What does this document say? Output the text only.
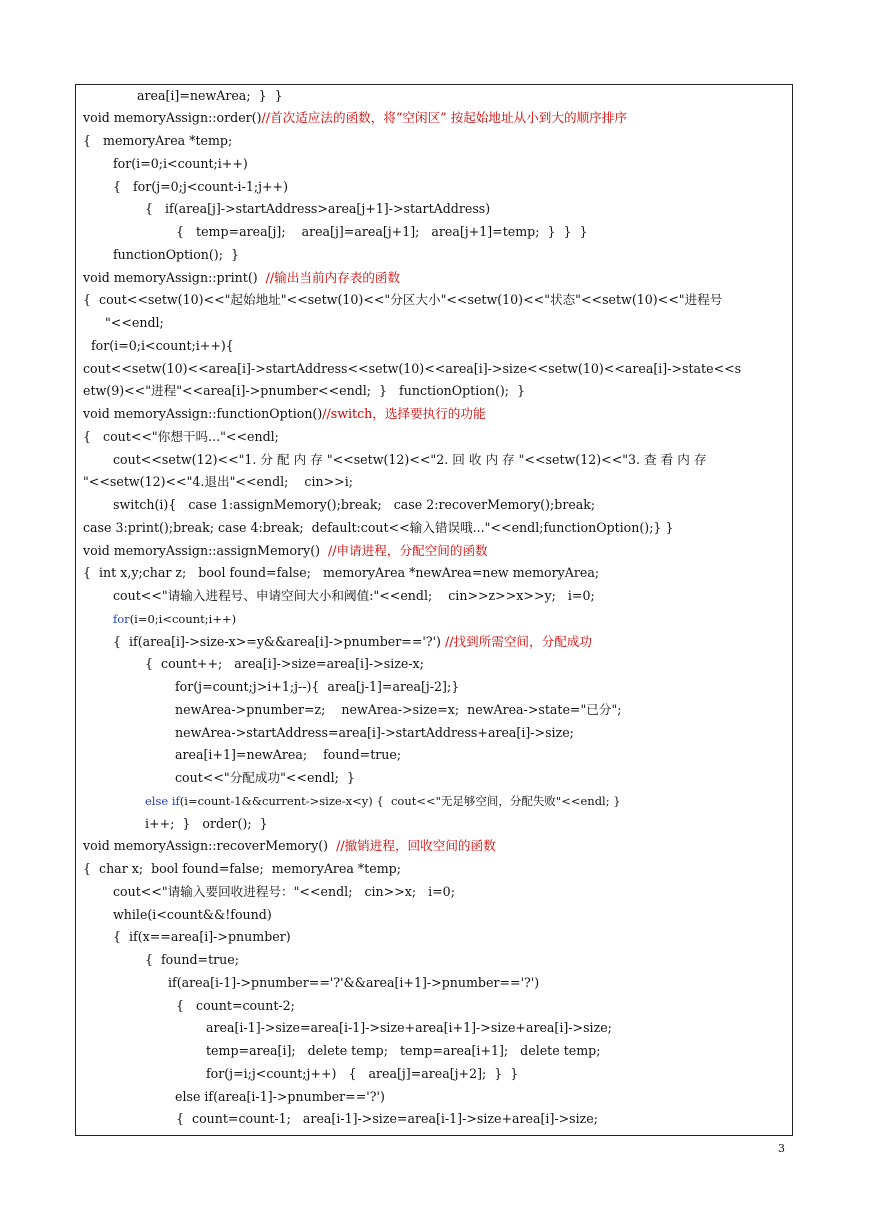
area[i]=newArea;  }  }
void memoryAssign::order()//首次适应法的函数，将“空闲区” 按起始地址从小到大的顺序排序
{   memoryArea *temp;
for(i=0;i<count;i++)
{   for(j=0;j<count-i-1;j++)
{   if(area[j]->startAddress>area[j+1]->startAddress)
{   temp=area[j];    area[j]=area[j+1];   area[j+1]=temp;  }  }  }
functionOption();  }
void memoryAssign::print()  //输出当前内存表的函数
{  cout<<setw(10)<<"起始地址"<<setw(10)<<"分区大小"<<setw(10)<<"状态"<<setw(10)<<"进程号
"<<endl;
for(i=0;i<count;i++){
cout<<setw(10)<<area[i]->startAddress<<setw(10)<<area[i]->size<<setw(10)<<area[i]->state<<s
etw(9)<<"进程"<<area[i]->pnumber<<endl;  }   functionOption();  }
void memoryAssign::functionOption()//switch，选择要执行的功能
{   cout<<"你想干吗..."<<endl;
cout<<setw(12)<<"1. 分 配 内 存 "<<setw(12)<<"2. 回 收 内 存 "<<setw(12)<<"3. 查 看 内 存
"<<setw(12)<<"4.退出"<<endl;    cin>>i;
switch(i){   case 1:assignMemory();break;   case 2:recoverMemory();break;
case 3:print();break; case 4:break;  default:cout<<输入错误哦..."<<endl;functionOption();} }
void memoryAssign::assignMemory()  //申请进程，分配空间的函数
{  int x,y;char z;   bool found=false;   memoryArea *newArea=new memoryArea;
cout<<"请输入进程号、申请空间大小和阈值:"<<endl;    cin>>z>>x>>y;   i=0;
for(i=0;i<count;i++)
{  if(area[i]->size-x>=y&&area[i]->pnumber=='?') //找到所需空间，分配成功
{  count++;   area[i]->size=area[i]->size-x;
for(j=count;j>i+1;j--){  area[j-1]=area[j-2];}
newArea->pnumber=z;    newArea->size=x;  newArea->state="已分";
newArea->startAddress=area[i]->startAddress+area[i]->size;
area[i+1]=newArea;    found=true;
cout<<"分配成功"<<endl;  }
else if(i=count-1&&current->size-x<y) {  cout<<"无足够空间，分配失败"<<endl; }
i++;  }   order();  }
void memoryAssign::recoverMemory()  //撤销进程，回收空间的函数
{  char x;  bool found=false;  memoryArea *temp;
cout<<"请输入要回收进程号："<<endl;   cin>>x;   i=0;
while(i<count&&!found)
{  if(x==area[i]->pnumber)
{  found=true;
if(area[i-1]->pnumber=='?'&&area[i+1]->pnumber=='?')
{   count=count-2;
area[i-1]->size=area[i-1]->size+area[i+1]->size+area[i]->size;
temp=area[i];   delete temp;   temp=area[i+1];   delete temp;
for(j=i;j<count;j++)   {   area[j]=area[j+2];  }  }
else if(area[i-1]->pnumber=='?')
{  count=count-1;   area[i-1]->size=area[i-1]->size+area[i]->size;
3
